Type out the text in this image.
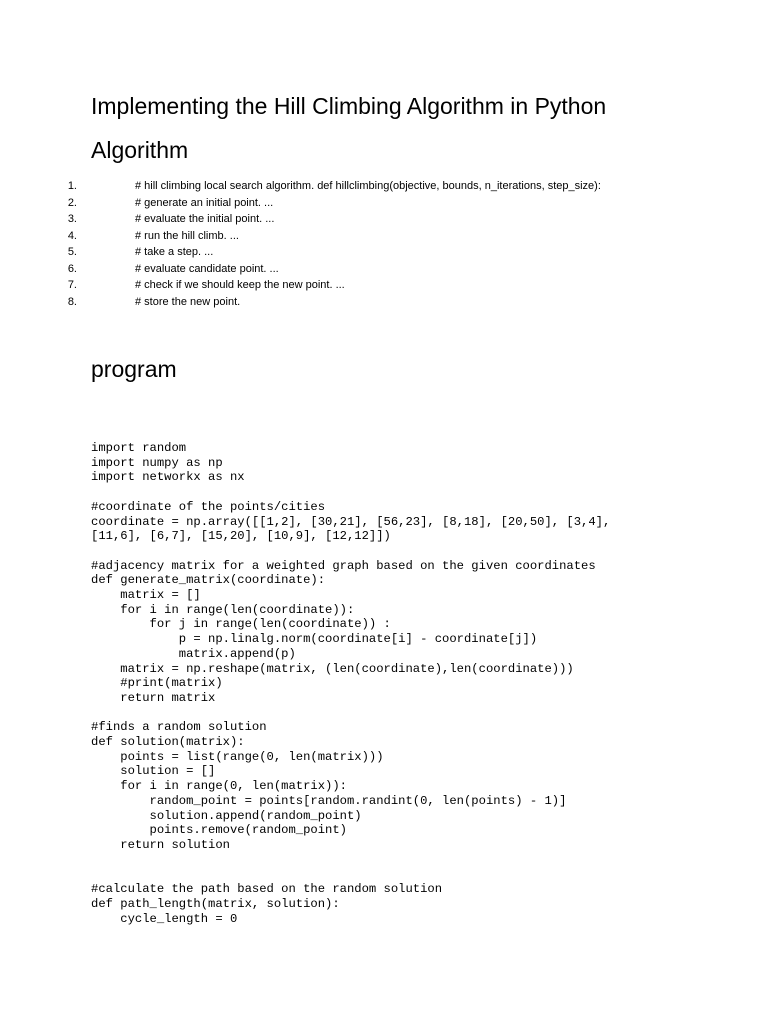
Implementing the Hill Climbing Algorithm in Python
Algorithm
1.	# hill climbing local search algorithm. def hillclimbing(objective, bounds, n_iterations, step_size):
2.	# generate an initial point. ...
3.	# evaluate the initial point. ...
4.	# run the hill climb. ...
5.	# take a step. ...
6.	# evaluate candidate point. ...
7.	# check if we should keep the new point. ...
8.	# store the new point.
program
import random
import numpy as np
import networkx as nx

#coordinate of the points/cities
coordinate = np.array([[1,2], [30,21], [56,23], [8,18], [20,50], [3,4],
[11,6], [6,7], [15,20], [10,9], [12,12]])

#adjacency matrix for a weighted graph based on the given coordinates
def generate_matrix(coordinate):
matrix = []
for i in range(len(coordinate)):
for j in range(len(coordinate)) :
p = np.linalg.norm(coordinate[i] - coordinate[j])
matrix.append(p)
matrix = np.reshape(matrix, (len(coordinate),len(coordinate)))
#print(matrix)
return matrix

#finds a random solution
def solution(matrix):
points = list(range(0, len(matrix)))
solution = []
for i in range(0, len(matrix)):
random_point = points[random.randint(0, len(points) - 1)]
solution.append(random_point)
points.remove(random_point)
return solution

#calculate the path based on the random solution
def path_length(matrix, solution):
cycle_length = 0
